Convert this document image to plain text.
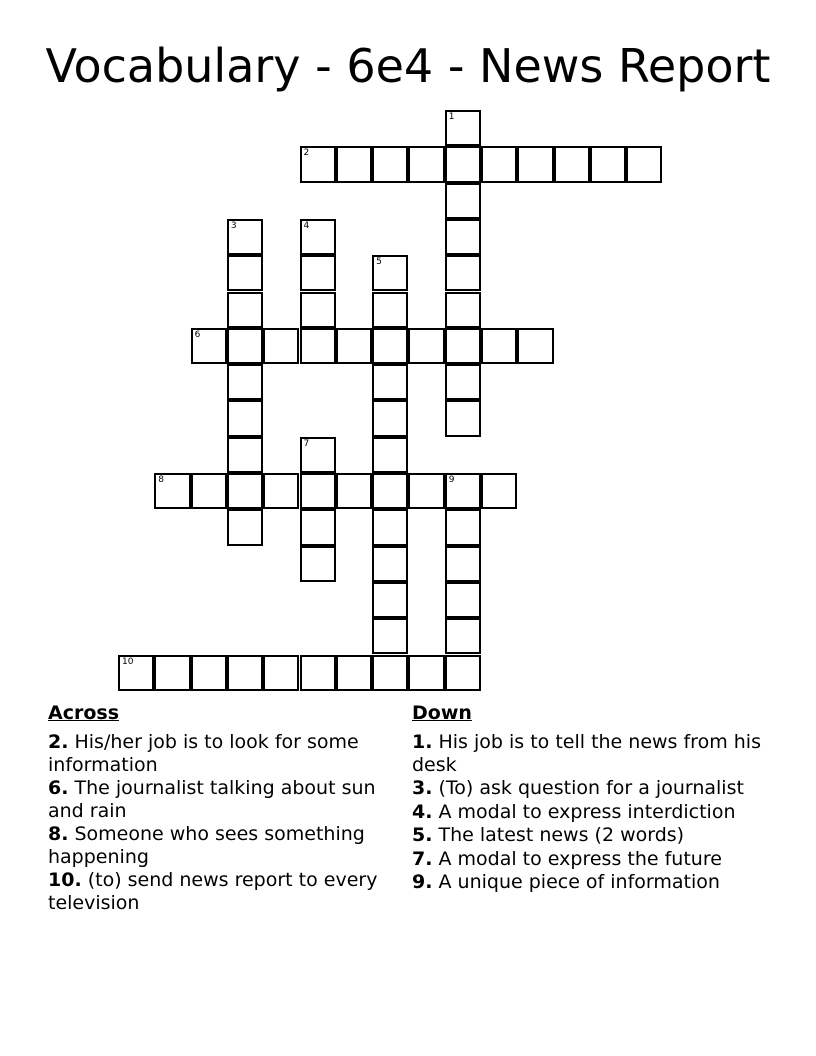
Vocabulary - 6e4 - News Report
1
2
3	4
5
6
7
8	9
10
Across
2. His/her job is to look for some information
6. The journalist talking about sun and rain
8. Someone who sees something happening
10. (to) send news report to every television
Down
1. His job is to tell the news from his desk
3. (To) ask question for a journalist
4. A modal to express interdiction
5. The latest news (2 words)
7. A modal to express the future
9. A unique piece of information
